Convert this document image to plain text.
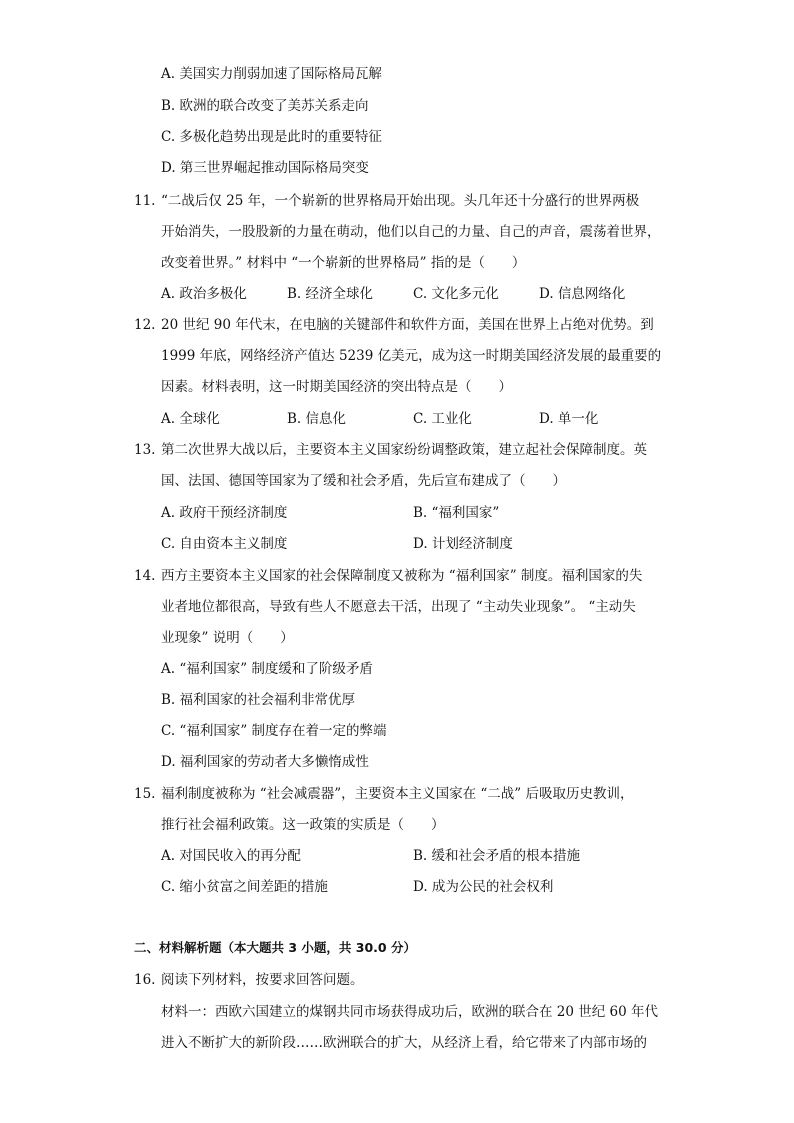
A. 美国实力削弱加速了国际格局瓦解
B. 欧洲的联合改变了美苏关系走向
C. 多极化趋势出现是此时的重要特征
D. 第三世界崛起推动国际格局突变
11. “二战后仅 25 年，一个崭新的世界格局开始出现。头几年还十分盛行的世界两极
开始消失，一股股新的力量在萌动，他们以自己的力量、自己的声音，震荡着世界，
改变着世界。” 材料中 “一个崭新的世界格局” 指的是（　　）
A. 政治多极化	B. 经济全球化	C. 文化多元化	D. 信息网络化
12. 20 世纪 90 年代末，在电脑的关键部件和软件方面，美国在世界上占绝对优势。到
1999 年底，网络经济产值达 5239 亿美元，成为这一时期美国经济发展的最重要的
因素。材料表明，这一时期美国经济的突出特点是（　　）
A. 全球化	B. 信息化	C. 工业化	D. 单一化
13. 第二次世界大战以后，主要资本主义国家纷纷调整政策，建立起社会保障制度。英
国、法国、德国等国家为了缓和社会矛盾，先后宣布建成了（　　）
A. 政府干预经济制度	B. “福利国家”
C. 自由资本主义制度	D. 计划经济制度
14. 西方主要资本主义国家的社会保障制度又被称为 “福利国家” 制度。福利国家的失
业者地位都很高，导致有些人不愿意去干活，出现了 “主动失业现象”。 “主动失
业现象” 说明（　　）
A. “福利国家” 制度缓和了阶级矛盾
B. 福利国家的社会福利非常优厚
C. “福利国家” 制度存在着一定的弊端
D. 福利国家的劳动者大多懒惰成性
15. 福利制度被称为 “社会减震器”，主要资本主义国家在 “二战” 后吸取历史教训，
推行社会福利政策。这一政策的实质是（　　）
A. 对国民收入的再分配	B. 缓和社会矛盾的根本措施
C. 缩小贫富之间差距的措施	D. 成为公民的社会权利
二、材料解析题（本大题共 3 小题，共 30.0 分）
16. 阅读下列材料，按要求回答问题。
材料一：西欧六国建立的煤钢共同市场获得成功后，欧洲的联合在 20 世纪 60 年代
进入不断扩大的新阶段……欧洲联合的扩大，从经济上看，给它带来了内部市场的
